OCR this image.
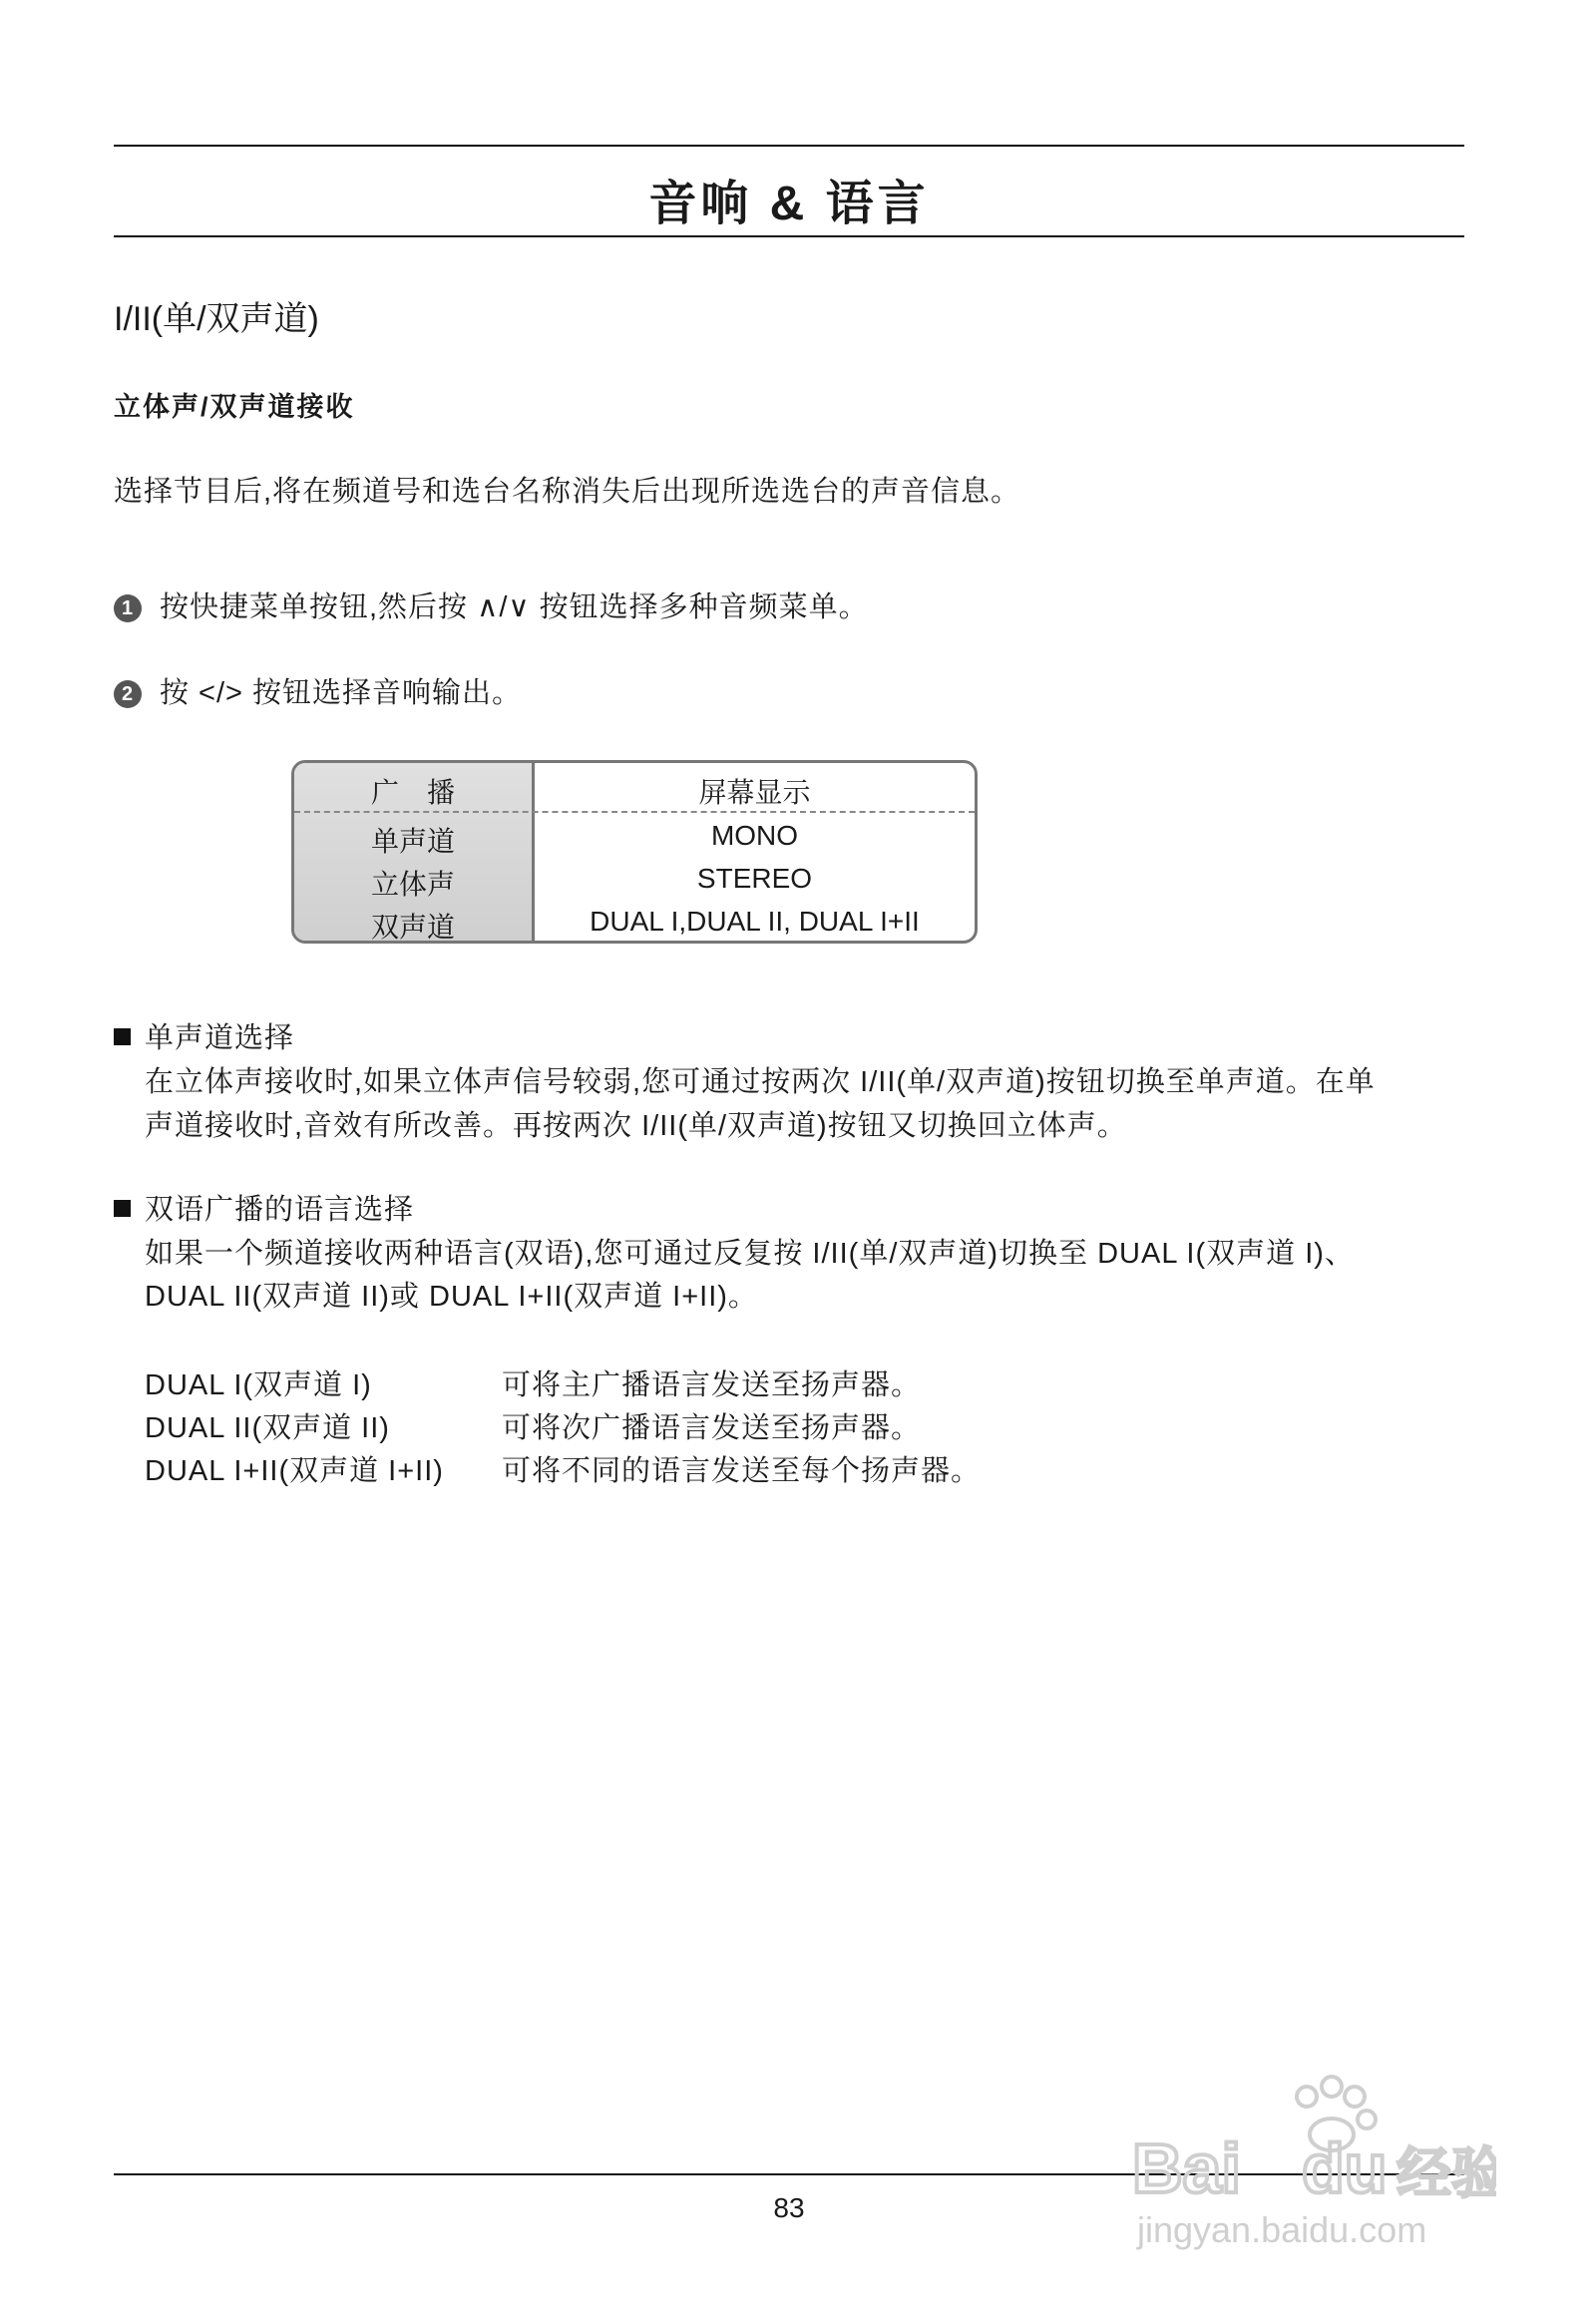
音响 & 语言
I/II(单/双声道)
立体声/双声道接收
选择节目后,将在频道号和选台名称消失后出现所选选台的声音信息。
1 按快捷菜单按钮,然后按 ∧/∨ 按钮选择多种音频菜单。
2 按 </> 按钮选择音响输出。
广　播	屏幕显示
单声道	MONO
立体声	STEREO
双声道	DUAL I,DUAL II, DUAL I+II
单声道选择
在立体声接收时,如果立体声信号较弱,您可通过按两次 I/II(单/双声道)按钮切换至单声道。在单
声道接收时,音效有所改善。再按两次 I/II(单/双声道)按钮又切换回立体声。
双语广播的语言选择
如果一个频道接收两种语言(双语),您可通过反复按 I/II(单/双声道)切换至 DUAL I(双声道 I)、
DUAL II(双声道 II)或 DUAL I+II(双声道 I+II)。
DUAL I(双声道 I)	可将主广播语言发送至扬声器。
DUAL II(双声道 II)	可将次广播语言发送至扬声器。
DUAL I+II(双声道 I+II) 可将不同的语言发送至每个扬声器。
83
Bai du 经验
jingyan.baidu.com
